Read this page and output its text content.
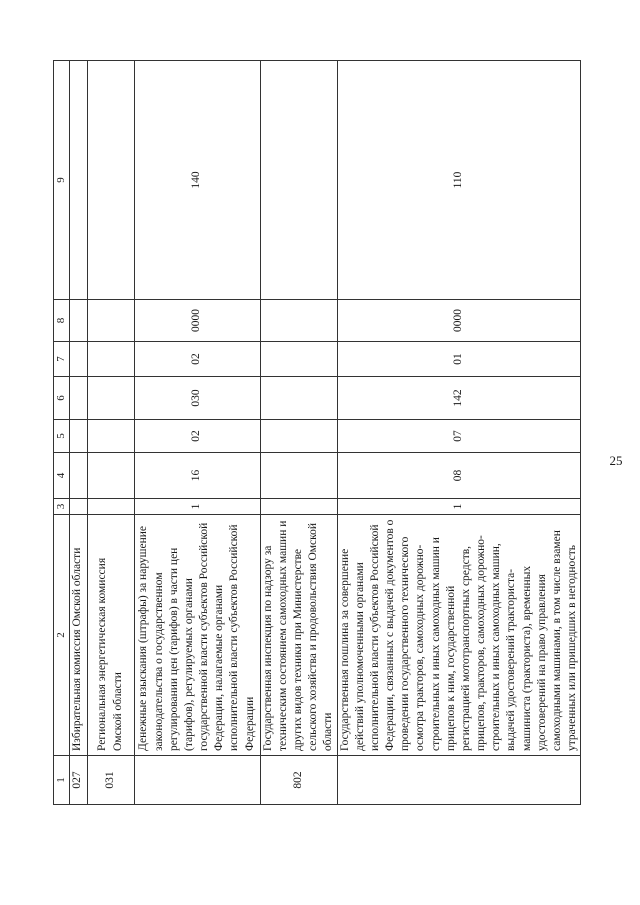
25
1	2	3	4	5	6	7	8	9
027	Избирательная комиссия Омской области							
031	Региональная энергетическая комиссия Омской области							
	Денежные взыскания (штрафы) за нарушение законодательства о государственном регулировании цен (тарифов) в части цен (тарифов), регулируемых органами государственной власти субъектов Российской Федерации, налагаемые органами исполнительной власти субъектов Российской Федерации	1	16	02	030	02	0000	140
802	Государственная инспекция по надзору за техническим состоянием самоходных машин и других видов техники при Министерстве сельского хозяйства и продовольствия Омской области							
	Государственная пошлина за совершение действий уполномоченными органами исполнительной власти субъектов Российской Федерации, связанных с выдачей документов о проведении государственного технического осмотра тракторов, самоходных дорожно-строительных и иных самоходных машин и прицепов к ним, государственной регистрацией мототранспортных средств, прицепов, тракторов, самоходных дорожно-строительных и иных самоходных машин, выдачей удостоверений тракториста-машиниста (тракториста), временных удостоверений на право управления самоходными машинами, в том числе взамен утраченных или пришедших в негодность	1	08	07	142	01	0000	110
